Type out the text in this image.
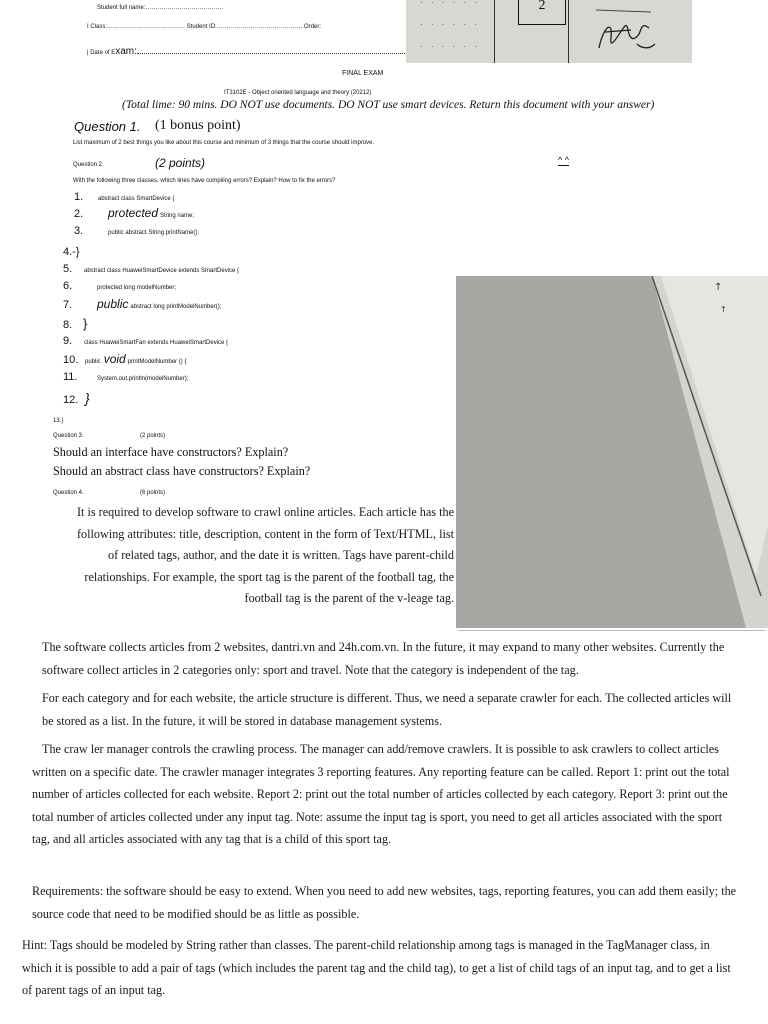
Student full name:…………………………………
I Class:………………………………… Student ID:……………………………………. Order:
| Date of Exam:
· · · · · ·
· · · · · ·
· · · · · ·
2
FINAL EXAM
IT3102E - Object oriented language and theory (20212)
(Total lime: 90 mins. DO NOT use documents. DO NOT use smart devices. Return this document with your answer)
Question 1. (1 bonus point)
List maximum of 2 best things you like about this course and minimum of 3 things that the course should improve.
Question 2.	(2 points)	^ ^
With the following three classes, which lines have compiling errors? Explain? How to fix the errors?
1.	abstract class SmartDevice {
2.	protected String name;
3.	public abstract String printName();
4.-}
5.	abstract class HuaweiSmartDevice extends SmartDevice {
6.	protected long modelNumber;
7.	public abstract long printModelNumber();
8. }
9.	class HuaweiSmartFan extends HuaweiSmartDevice {
10.	public void printModelNumber () {
11.	System.out.println(modelNumber);
12. }
13.}
Question 3.	(2 points)
Should an interface have constructors? Explain?
Should an abstract class have constructors? Explain?
Question 4.	(6 points)
It is required to develop software to crawl online articles. Each article has the
following attributes: title, description, content in the form of Text/HTML, list
of related tags, author, and the date it is written. Tags have parent-child
relationships. For example, the sport tag is the parent of the football tag, the
football tag is the parent of the v-leage tag.
↑
↑

The software collects articles from 2 websites, dantri.vn and 24h.com.vn. In the future, it may expand to many other websites. Currently the software collect articles in 2 categories only: sport and travel. Note that the category is independent of the tag.

For each category and for each website, the article structure is different. Thus, we need a separate crawler for each. The collected articles will be stored as a list. In the future, it will be stored in database management systems.

The craw ler manager controls the crawling process. The manager can add/remove crawlers. It is possible to ask crawlers to collect articles written on a specific date. The crawler manager integrates 3 reporting features. Any reporting feature can be called. Report 1: print out the total number of articles collected for each website. Report 2: print out the total number of articles collected by each category. Report 3: print out the total number of articles collected under any input tag. Note: assume the input tag is sport, you need to get all articles associated with the sport tag, and all articles associated with any tag that is a child of this sport tag.

Requirements: the software should be easy to extend. When you need to add new websites, tags, reporting features, you can add them easily; the source code that need to be modified should be as little as possible.

Hint: Tags should be modeled by String rather than classes. The parent-child relationship among tags is managed in the TagManager class, in which it is possible to add a pair of tags (which includes the parent tag and the child tag), to get a list of child tags of an input tag, and to get a list of parent tags of an input tag.
